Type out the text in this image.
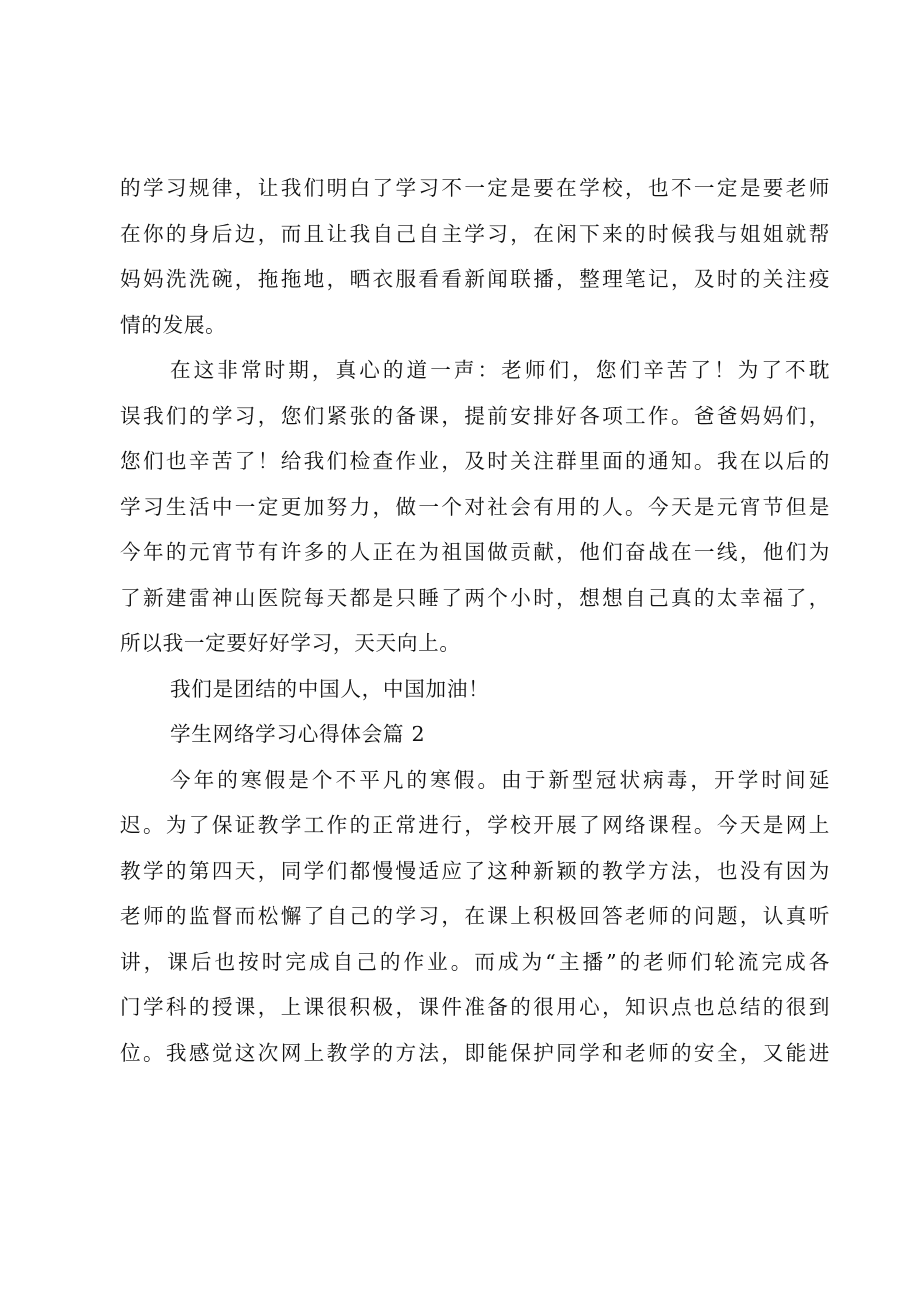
的学习规律，让我们明白了学习不一定是要在学校，也不一定是要老师
在你的身后边，而且让我自己自主学习，在闲下来的时候我与姐姐就帮
妈妈洗洗碗，拖拖地，晒衣服看看新闻联播，整理笔记，及时的关注疫
情的发展。

在这非常时期，真心的道一声：老师们，您们辛苦了！为了不耽
误我们的学习，您们紧张的备课，提前安排好各项工作。爸爸妈妈们，
您们也辛苦了！给我们检查作业，及时关注群里面的通知。我在以后的
学习生活中一定更加努力，做一个对社会有用的人。今天是元宵节但是
今年的元宵节有许多的人正在为祖国做贡献，他们奋战在一线，他们为
了新建雷神山医院每天都是只睡了两个小时，想想自己真的太幸福了，
所以我一定要好好学习，天天向上。

我们是团结的中国人，中国加油！

学生网络学习心得体会篇 2

今年的寒假是个不平凡的寒假。由于新型冠状病毒，开学时间延
迟。为了保证教学工作的正常进行，学校开展了网络课程。今天是网上
教学的第四天，同学们都慢慢适应了这种新颖的教学方法，也没有因为
老师的监督而松懈了自己的学习，在课上积极回答老师的问题，认真听
讲，课后也按时完成自己的作业。而成为“主播”的老师们轮流完成各
门学科的授课，上课很积极，课件准备的很用心，知识点也总结的很到
位。我感觉这次网上教学的方法，即能保护同学和老师的安全，又能进
